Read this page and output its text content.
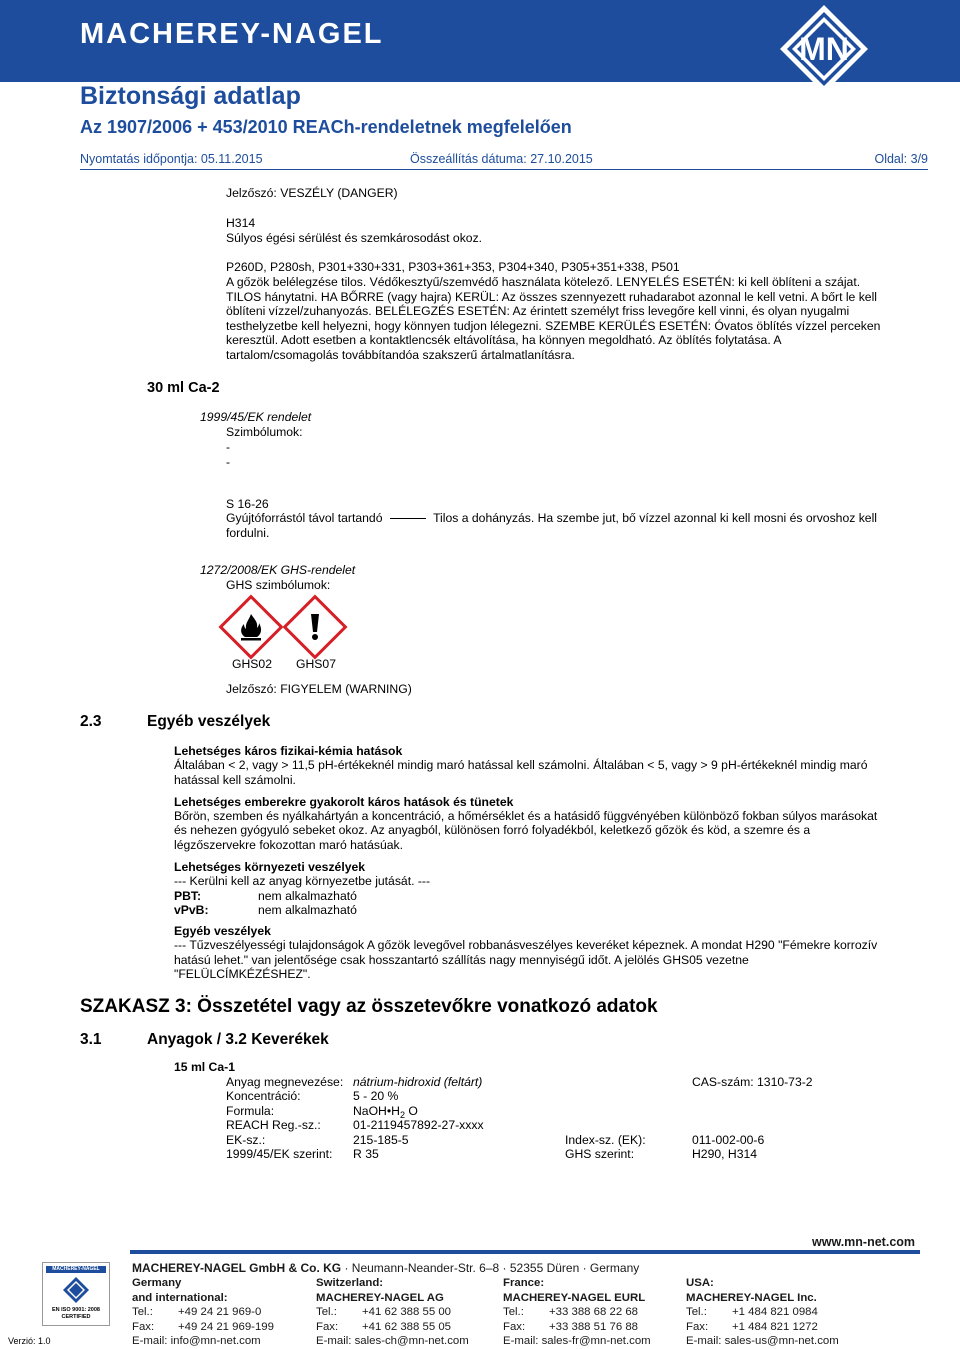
MACHEREY-NAGEL	MN
Biztonsági adatlap
Az 1907/2006 + 453/2010 REACh-rendeletnek megfelelően
Nyomtatás időpontja: 05.11.2015	Összeállítás dátuma: 27.10.2015	Oldal: 3/9
Jelzőszó: VESZÉLY (DANGER)
H314
Súlyos égési sérülést és szemkárosodást okoz.
P260D, P280sh, P301+330+331, P303+361+353, P304+340, P305+351+338, P501
A gőzök belélegzése tilos. Védőkesztyű/szemvédő használata kötelező. LENYELÉS ESETÉN: ki kell öblíteni a szájat.
TILOS hánytatni. HA BŐRRE (vagy hajra) KERÜL: Az összes szennyezett ruhadarabot azonnal le kell vetni. A bőrt le kell
öblíteni vízzel/zuhanyozás. BELÉLEGZÉS ESETÉN: Az érintett személyt friss levegőre kell vinni, és olyan nyugalmi
testhelyzetbe kell helyezni, hogy könnyen tudjon lélegezni. SZEMBE KERÜLÉS ESETÉN: Óvatos öblítés vízzel perceken
keresztül. Adott esetben a kontaktlencsék eltávolítása, ha könnyen megoldható. Az öblítés folytatása. A
tartalom/csomagolás továbbítandóa szakszerű ártalmatlanításra.
30 ml Ca-2
1999/45/EK rendelet
Szimbólumok:
-
-
S 16-26
Gyújtóforrástól távol tartandó	Tilos a dohányzás. Ha szembe jut, bő vízzel azonnal ki kell mosni és orvoshoz kell
fordulni.
1272/2008/EK GHS-rendelet
GHS szimbólumok:
GHS02 GHS07
Jelzőszó: FIGYELEM (WARNING)
2.3	Egyéb veszélyek
Lehetséges káros fizikai-kémia hatások
Általában < 2, vagy > 11,5 pH-értékeknél mindig maró hatással kell számolni. Általában < 5, vagy > 9 pH-értékeknél mindig maró
hatással kell számolni.
Lehetséges emberekre gyakorolt káros hatások és tünetek
Bőrön, szemben és nyálkahártyán a koncentráció, a hőmérséklet és a hatásidő függvényében különböző fokban súlyos marásokat
és nehezen gyógyuló sebeket okoz. Az anyagból, különösen forró folyadékból, keletkező gőzök és köd, a szemre és a
légzőszervekre fokozottan maró hatásúak.
Lehetséges környezeti veszélyek
--- Kerülni kell az anyag környezetbe jutását. ---
PBT:	nem alkalmazható
vPvB:	nem alkalmazható
Egyéb veszélyek
--- Tűzveszélyességi tulajdonságok A gőzök levegővel robbanásveszélyes keveréket képeznek. A mondat H290 "Fémekre korrozív
hatású lehet." van jelentősége csak hosszantartó szállítás nagy mennyiségű időt. A jelölés GHS05 vezetne
"FELÜLCÍMKÉZÉSHEZ".
SZAKASZ 3: Összetétel vagy az összetevőkre vonatkozó adatok
3.1	Anyagok / 3.2 Keverékek
15 ml Ca-1
Anyag megnevezése: nátrium-hidroxid (feltárt)	CAS-szám: 1310-73-2
Koncentráció:	5 - 20 %
Formula:	$NaOH•H_2$ O
REACH Reg.-sz.:	01-2119457892-27-xxxx
EK-sz.:	215-185-5	Index-sz. (EK):	011-002-00-6
1999/45/EK szerint: R 35	GHS szerint:	H290, H314
MACHEREY-NAGEL GmbH & Co. KG · Neumann-Neander-Str. 6–8 · 52355 Düren · Germany
www.mn-net.com
MACHEREY-NAGEL
EN ISO 9001: 2008
CERTIFIED
Verzió: 1.0
Germany
and international:
Tel.:	+49 24 21 969-0
Fax:	+49 24 21 969-199
E-mail: info@mn-net.com
Switzerland:
MACHEREY-NAGEL AG
Tel.:	+41 62 388 55 00
Fax:	+41 62 388 55 05
E-mail: sales-ch@mn-net.com
France:
MACHEREY-NAGEL EURL
Tel.:	+33 388 68 22 68
Fax:	+33 388 51 76 88
E-mail: sales-fr@mn-net.com
USA:
MACHEREY-NAGEL Inc.
Tel.:	+1 484 821 0984
Fax:	+1 484 821 1272
E-mail: sales-us@mn-net.com
